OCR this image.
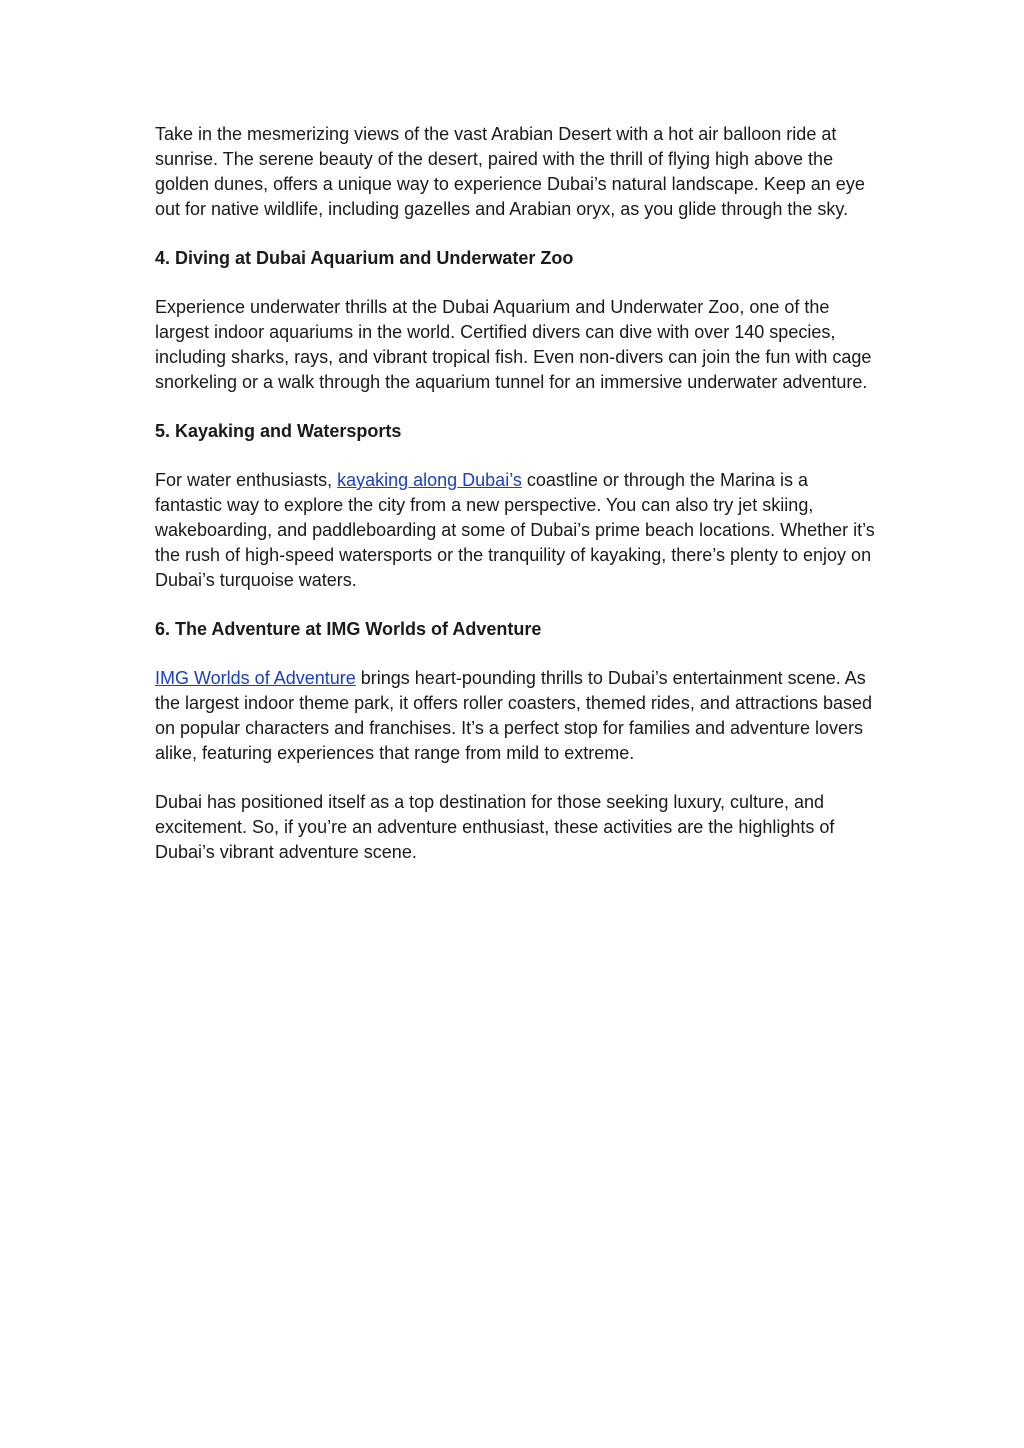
Take in the mesmerizing views of the vast Arabian Desert with a hot air balloon ride at sunrise. The serene beauty of the desert, paired with the thrill of flying high above the golden dunes, offers a unique way to experience Dubai’s natural landscape. Keep an eye out for native wildlife, including gazelles and Arabian oryx, as you glide through the sky.

4. Diving at Dubai Aquarium and Underwater Zoo

Experience underwater thrills at the Dubai Aquarium and Underwater Zoo, one of the largest indoor aquariums in the world. Certified divers can dive with over 140 species, including sharks, rays, and vibrant tropical fish. Even non-divers can join the fun with cage snorkeling or a walk through the aquarium tunnel for an immersive underwater adventure.

5. Kayaking and Watersports

For water enthusiasts, kayaking along Dubai’s coastline or through the Marina is a fantastic way to explore the city from a new perspective. You can also try jet skiing, wakeboarding, and paddleboarding at some of Dubai’s prime beach locations. Whether it’s the rush of high-speed watersports or the tranquility of kayaking, there’s plenty to enjoy on Dubai’s turquoise waters.

6. The Adventure at IMG Worlds of Adventure

IMG Worlds of Adventure brings heart-pounding thrills to Dubai’s entertainment scene. As the largest indoor theme park, it offers roller coasters, themed rides, and attractions based on popular characters and franchises. It’s a perfect stop for families and adventure lovers alike, featuring experiences that range from mild to extreme.

Dubai has positioned itself as a top destination for those seeking luxury, culture, and excitement. So, if you’re an adventure enthusiast, these activities are the highlights of Dubai’s vibrant adventure scene.
